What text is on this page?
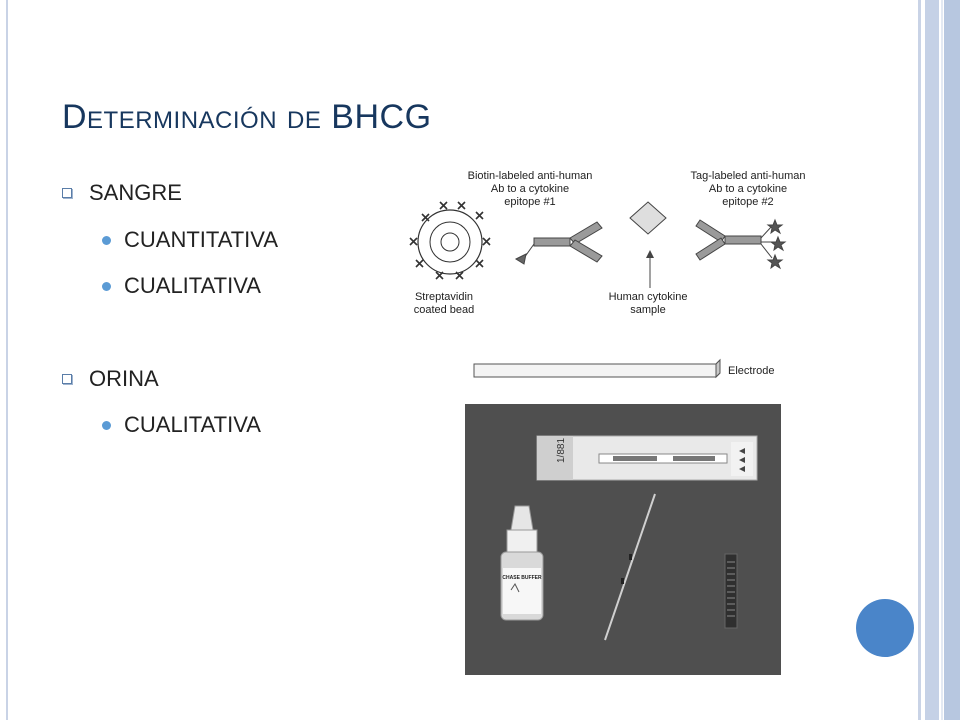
Determinación de BHCG
SANGRE
CUANTITATIVA
CUALITATIVA
ORINA
CUALITATIVA
Biotin-labeled anti-human
Ab to a cytokine
epitope #1
Tag-labeled anti-human
Ab to a cytokine
epitope #2
Streptavidin
coated bead
Human cytokine
sample
Electrode
1/881
CHASE BUFFER
